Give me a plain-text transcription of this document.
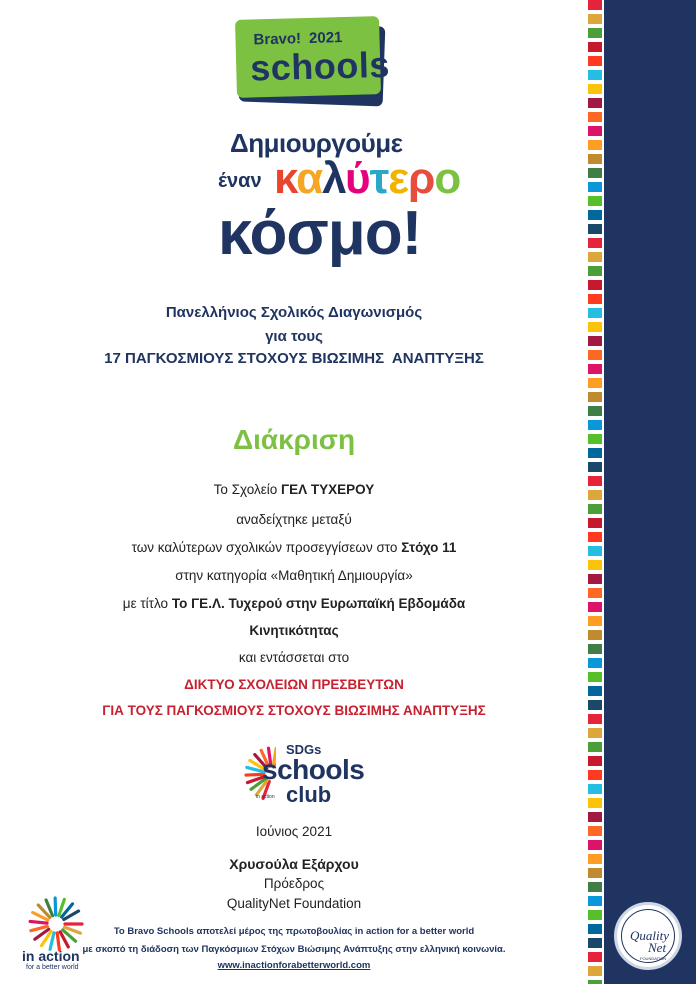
Bravo! 2021
schools
Δημιουργούμε
έναν καλύτερο
κόσμο!
Πανελλήνιος Σχολικός Διαγωνισμός
για τους
17 ΠΑΓΚΟΣΜΙΟΥΣ ΣΤΟΧΟΥΣ ΒΙΩΣΙΜΗΣ  ΑΝΑΠΤΥΞΗΣ
Διάκριση
Το Σχολείο ΓΕΛ ΤΥΧΕΡΟΥ
αναδείχτηκε μεταξύ
των καλύτερων σχολικών προσεγγίσεων στο Στόχο 11
στην κατηγορία «Μαθητική Δημιουργία»
με τίτλο Το ΓΕ.Λ. Τυχερού στην Ευρωπαϊκή Εβδομάδα
Κινητικότητας
και εντάσσεται στο
ΔΙΚΤΥΟ ΣΧΟΛΕΙΩΝ ΠΡΕΣΒΕΥΤΩΝ
ΓΙΑ ΤΟΥΣ ΠΑΓΚΟΣΜΙΟΥΣ ΣΤΟΧΟΥΣ ΒΙΩΣΙΜΗΣ ΑΝΑΠΤΥΞΗΣ
SDGs
schools
club
in action
Ιούνιος 2021
Χρυσούλα Εξάρχου
Πρόεδρος
QualityNet Foundation
Το Bravo Schools αποτελεί μέρος της πρωτοβουλίας in action for a better world
με σκοπό τη διάδοση των Παγκόσμιων Στόχων Βιώσιμης Ανάπτυξης στην ελληνική κοινωνία.
www.inactionforabetterworld.com
in action
for a better world
Quality
Net
FOUNDATION
